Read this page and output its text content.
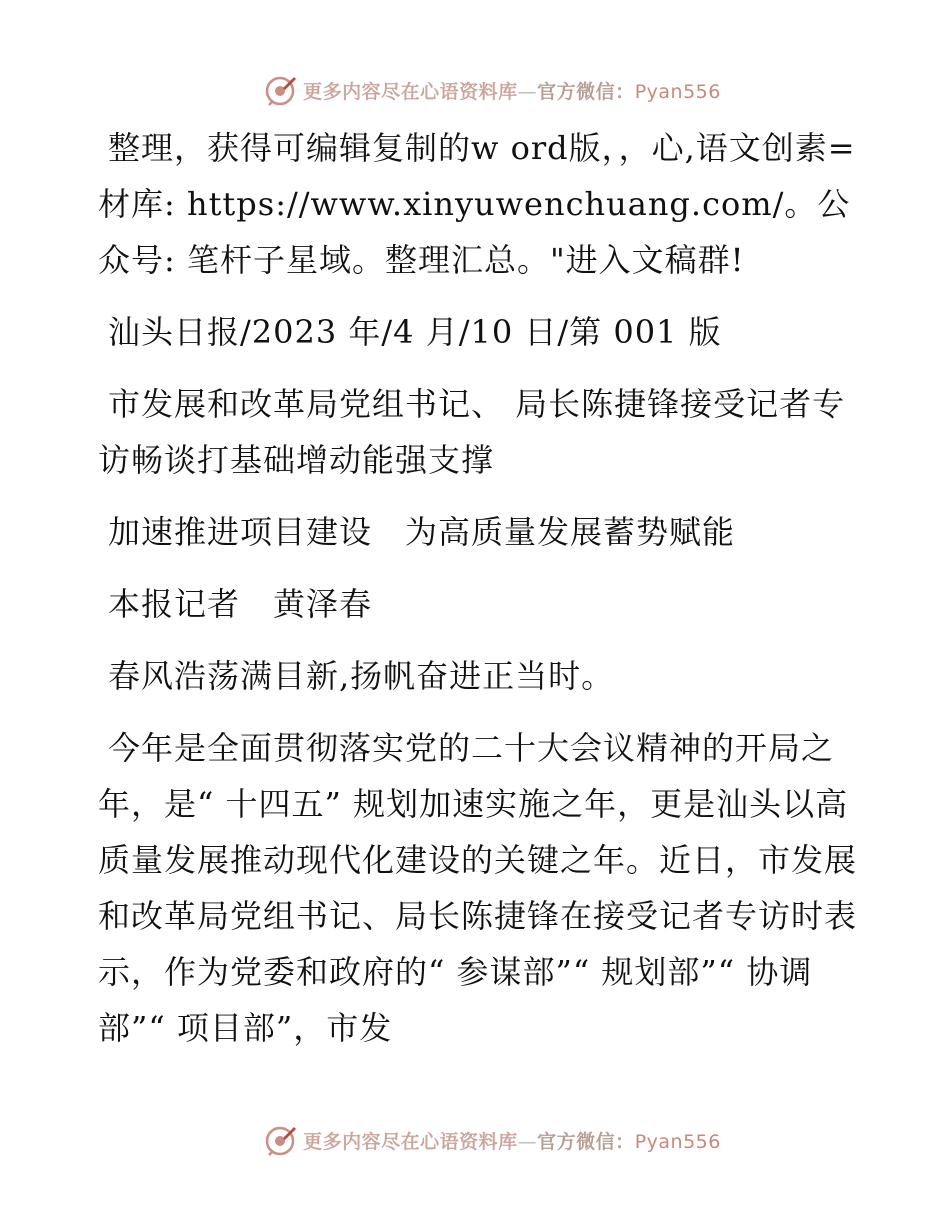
更多内容尽在心语资料库—官方微信：Pyan556

整理，获得可编辑复制的w ord版，，心,语文创素=材库: https://www.xinyuwenchuang.com/。公众号: 笔杆子星域。整理汇总。"进入文稿群!

汕头日报/2023 年/4 月/10 日/第 001 版

市发展和改革局党组书记、 局长陈捷锋接受记者专访畅谈打基础增动能强支撑

加速推进项目建设　为高质量发展蓄势赋能

本报记者　黄泽春

春风浩荡满目新,扬帆奋进正当时。

今年是全面贯彻落实党的二十大会议精神的开局之年，是“ 十四五” 规划加速实施之年，更是汕头以高质量发展推动现代化建设的关键之年。近日，市发展和改革局党组书记、局长陈捷锋在接受记者专访时表示，作为党委和政府的“ 参谋部”“ 规划部”“ 协调部”“ 项目部”，市发

更多内容尽在心语资料库—官方微信：Pyan556
